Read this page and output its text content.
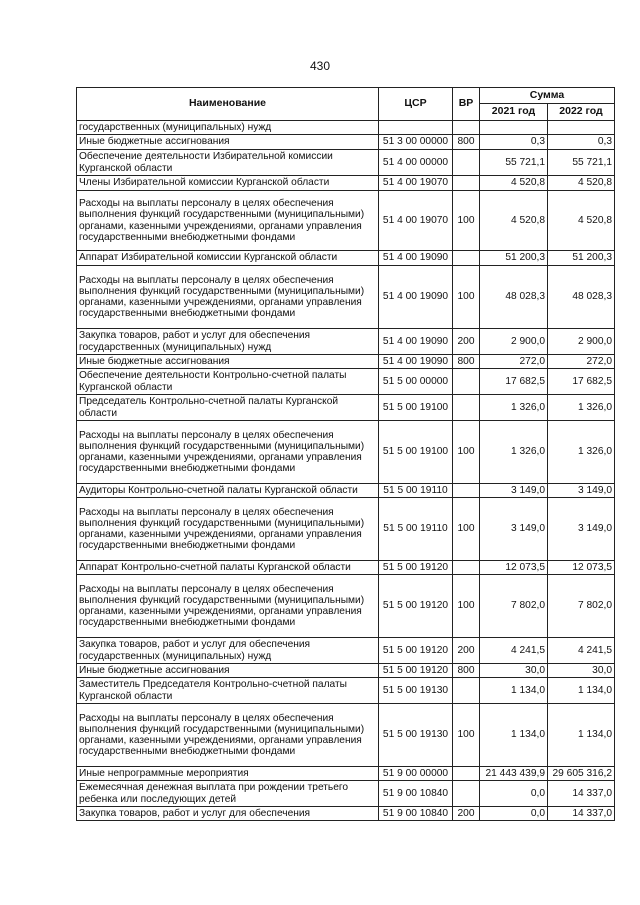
430
Наименование	ЦСР	ВР	Сумма	
			2021 год	2022 год
государственных (муниципальных) нужд				
Иные бюджетные ассигнования	51 3 00 00000	800	0,3	0,3
Обеспечение деятельности Избирательной комиссии Курганской области	51 4 00 00000		55 721,1	55 721,1
Члены Избирательной комиссии Курганской области	51 4 00 19070		4 520,8	4 520,8
Расходы на выплаты персоналу в целях обеспечения выполнения функций государственными (муниципальными) органами, казенными учреждениями, органами управления государственными внебюджетными фондами	51 4 00 19070	100	4 520,8	4 520,8
Аппарат Избирательной комиссии Курганской области	51 4 00 19090		51 200,3	51 200,3
Расходы на выплаты персоналу в целях обеспечения выполнения функций государственными (муниципальными) органами, казенными учреждениями, органами управления государственными внебюджетными фондами	51 4 00 19090	100	48 028,3	48 028,3
Закупка товаров, работ и услуг для обеспечения государственных (муниципальных) нужд	51 4 00 19090	200	2 900,0	2 900,0
Иные бюджетные ассигнования	51 4 00 19090	800	272,0	272,0
Обеспечение деятельности Контрольно-счетной палаты Курганской области	51 5 00 00000		17 682,5	17 682,5
Председатель Контрольно-счетной палаты Курганской области	51 5 00 19100		1 326,0	1 326,0
Расходы на выплаты персоналу в целях обеспечения выполнения функций государственными (муниципальными) органами, казенными учреждениями, органами управления государственными внебюджетными фондами	51 5 00 19100	100	1 326,0	1 326,0
Аудиторы Контрольно-счетной палаты Курганской области	51 5 00 19110		3 149,0	3 149,0
Расходы на выплаты персоналу в целях обеспечения выполнения функций государственными (муниципальными) органами, казенными учреждениями, органами управления государственными внебюджетными фондами	51 5 00 19110	100	3 149,0	3 149,0
Аппарат Контрольно-счетной палаты Курганской области	51 5 00 19120		12 073,5	12 073,5
Расходы на выплаты персоналу в целях обеспечения выполнения функций государственными (муниципальными) органами, казенными учреждениями, органами управления государственными внебюджетными фондами	51 5 00 19120	100	7 802,0	7 802,0
Закупка товаров, работ и услуг для обеспечения государственных (муниципальных) нужд	51 5 00 19120	200	4 241,5	4 241,5
Иные бюджетные ассигнования	51 5 00 19120	800	30,0	30,0
Заместитель Председателя Контрольно-счетной палаты Курганской области	51 5 00 19130		1 134,0	1 134,0
Расходы на выплаты персоналу в целях обеспечения выполнения функций государственными (муниципальными) органами, казенными учреждениями, органами управления государственными внебюджетными фондами	51 5 00 19130	100	1 134,0	1 134,0
Иные непрограммные мероприятия	51 9 00 00000		21 443 439,9	29 605 316,2
Ежемесячная денежная выплата при рождении третьего ребенка или последующих детей	51 9 00 10840		0,0	14 337,0
Закупка товаров, работ и услуг для обеспечения	51 9 00 10840	200	0,0	14 337,0
